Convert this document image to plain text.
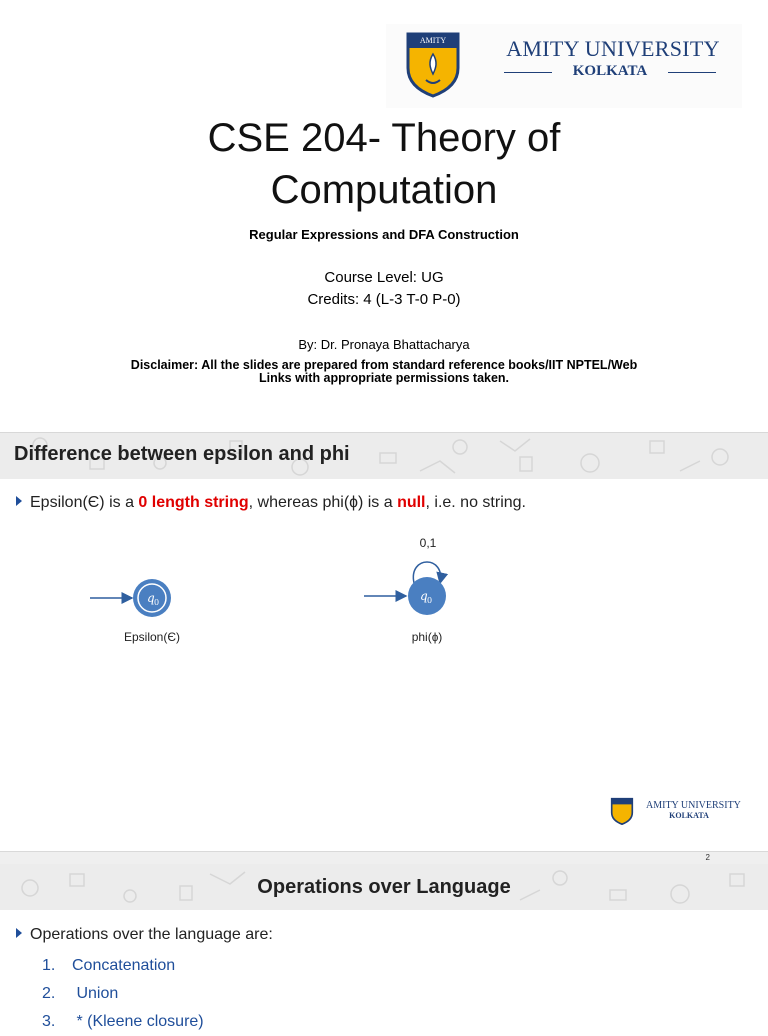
AMITY	AMITY UNIVERSITY
KOLKATA
CSE 204- Theory of
Computation
Regular Expressions and DFA Construction
Course Level: UG
Credits: 4 (L-3 T-0 P-0)
By: Dr. Pronaya Bhattacharya
Disclaimer: All the slides are prepared from standard reference books/IIT NPTEL/Web Links with appropriate permissions taken.
Difference between epsilon and phi
Epsilon(Є) is a 0 length string, whereas phi(ɸ) is a null, i.e. no string.
q 0
Epsilon(Є)
q 0
0,1
phi(ɸ)
AMITY UNIVERSITY
KOLKATA
2
Operations over Language
Operations over the language are:
1. Concatenation
2. Union
3. * (Kleene closure)
